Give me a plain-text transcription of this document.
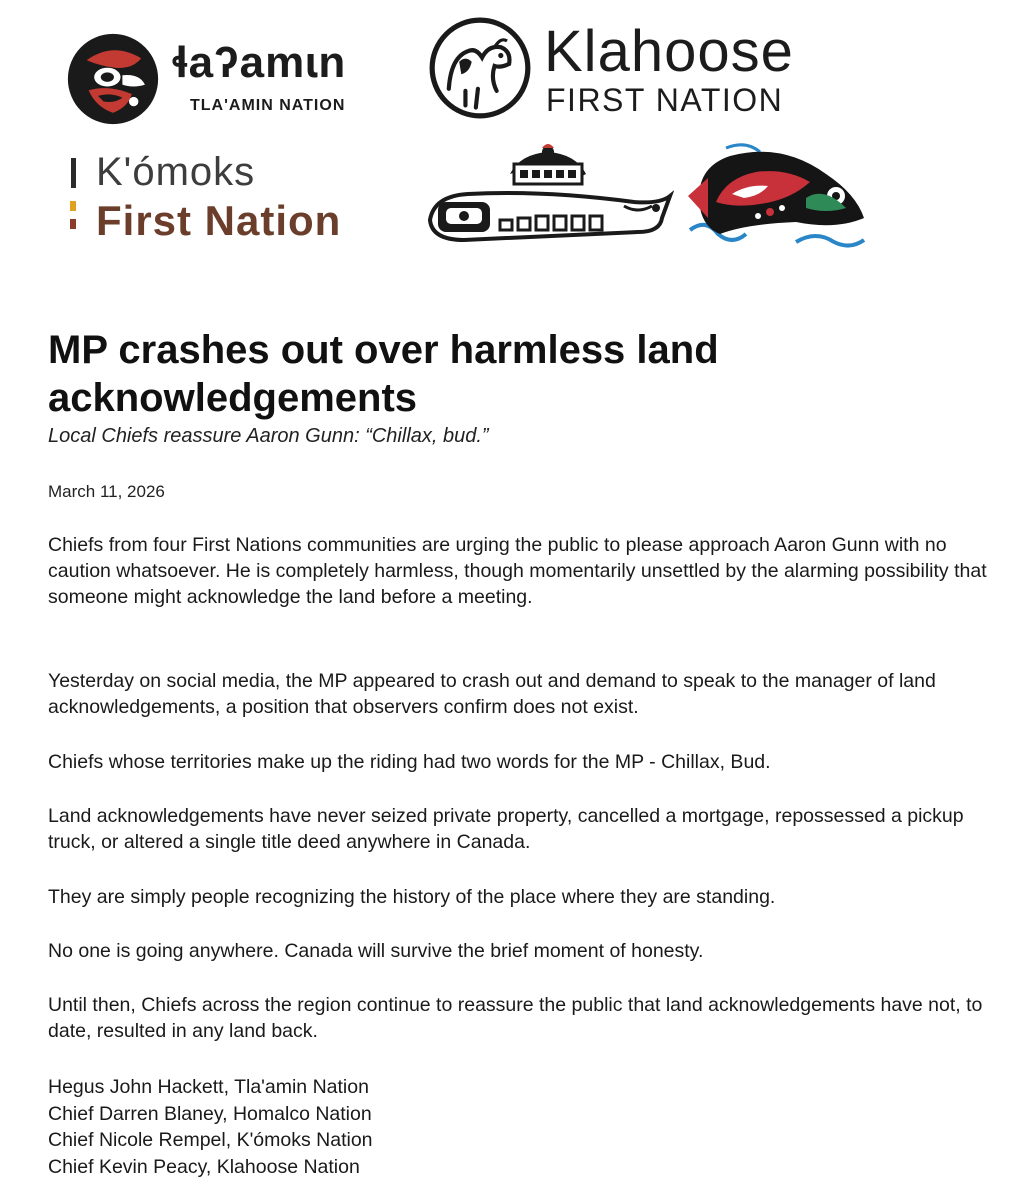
ɬaʔamɩn
TLA'AMIN NATION
Klahoose
FIRST NATION
K'ómoks
First Nation
MP crashes out over harmless land acknowledgements

Local Chiefs reassure Aaron Gunn: “Chillax, bud.”

March 11, 2026

Chiefs from four First Nations communities are urging the public to please approach Aaron Gunn with no caution whatsoever. He is completely harmless, though momentarily unsettled by the alarming possibility that someone might acknowledge the land before a meeting.

Yesterday on social media, the MP appeared to crash out and demand to speak to the manager of land acknowledgements, a position that observers confirm does not exist.

Chiefs whose territories make up the riding had two words for the MP - Chillax, Bud.

Land acknowledgements have never seized private property, cancelled a mortgage, repossessed a pickup truck, or altered a single title deed anywhere in Canada.

They are simply people recognizing the history of the place where they are standing.

No one is going anywhere. Canada will survive the brief moment of honesty.

Until then, Chiefs across the region continue to reassure the public that land acknowledgements have not, to date, resulted in any land back.

Hegus John Hackett, Tla'amin Nation
Chief Darren Blaney, Homalco Nation
Chief Nicole Rempel, K'ómoks Nation
Chief Kevin Peacy, Klahoose Nation
